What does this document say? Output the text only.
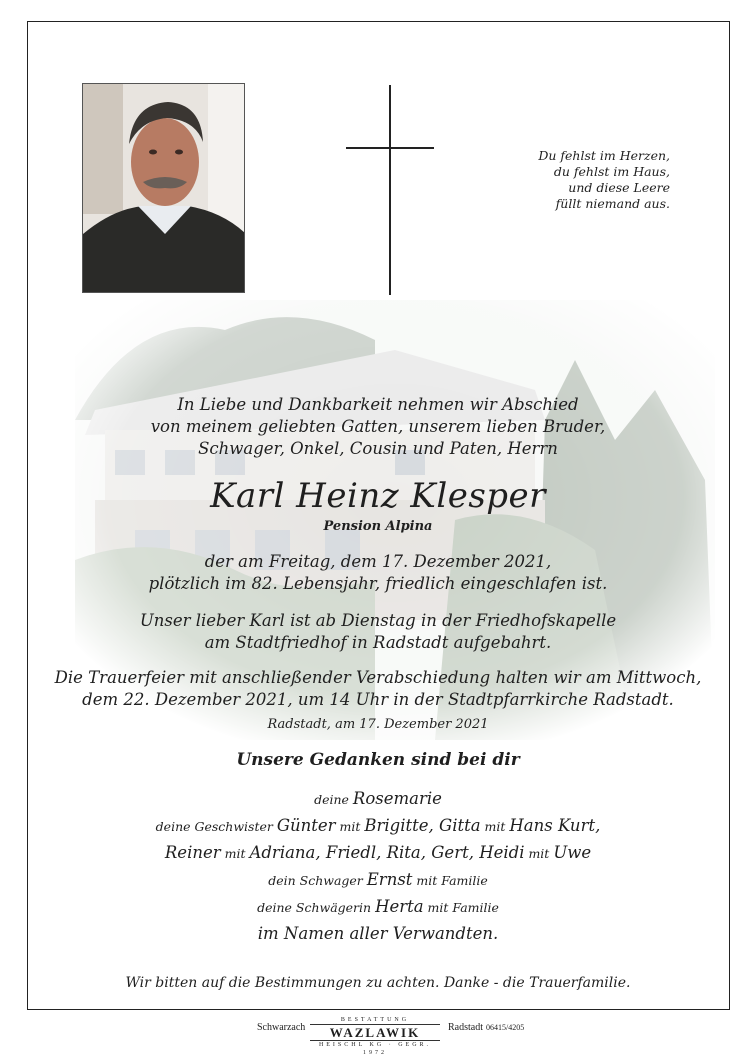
Du fehlst im Herzen,
du fehlst im Haus,
und diese Leere
füllt niemand aus.
In Liebe und Dankbarkeit nehmen wir Abschied
von meinem geliebten Gatten, unserem lieben Bruder,
Schwager, Onkel, Cousin und Paten, Herrn
Karl Heinz Klesper
Pension Alpina
der am Freitag, dem 17. Dezember 2021,
plötzlich im 82. Lebensjahr, friedlich eingeschlafen ist.
Unser lieber Karl ist ab Dienstag in der Friedhofskapelle
am Stadtfriedhof in Radstadt aufgebahrt.
Die Trauerfeier mit anschließender Verabschiedung halten wir am Mittwoch,
dem 22. Dezember 2021, um 14 Uhr in der Stadtpfarrkirche Radstadt.
Radstadt, am 17. Dezember 2021
Unsere Gedanken sind bei dir
deine Rosemarie
deine Geschwister Günter mit Brigitte, Gitta mit Hans Kurt,
Reiner mit Adriana, Friedl, Rita, Gert, Heidi mit Uwe
dein Schwager Ernst mit Familie
deine Schwägerin Herta mit Familie
im Namen aller Verwandten.
Wir bitten auf die Bestimmungen zu achten. Danke - die Trauerfamilie.
Schwarzach
BESTATTUNG
WAZLAWIK
HEISCHL KG · GEGR. 1972
Radstadt 06415/4205
